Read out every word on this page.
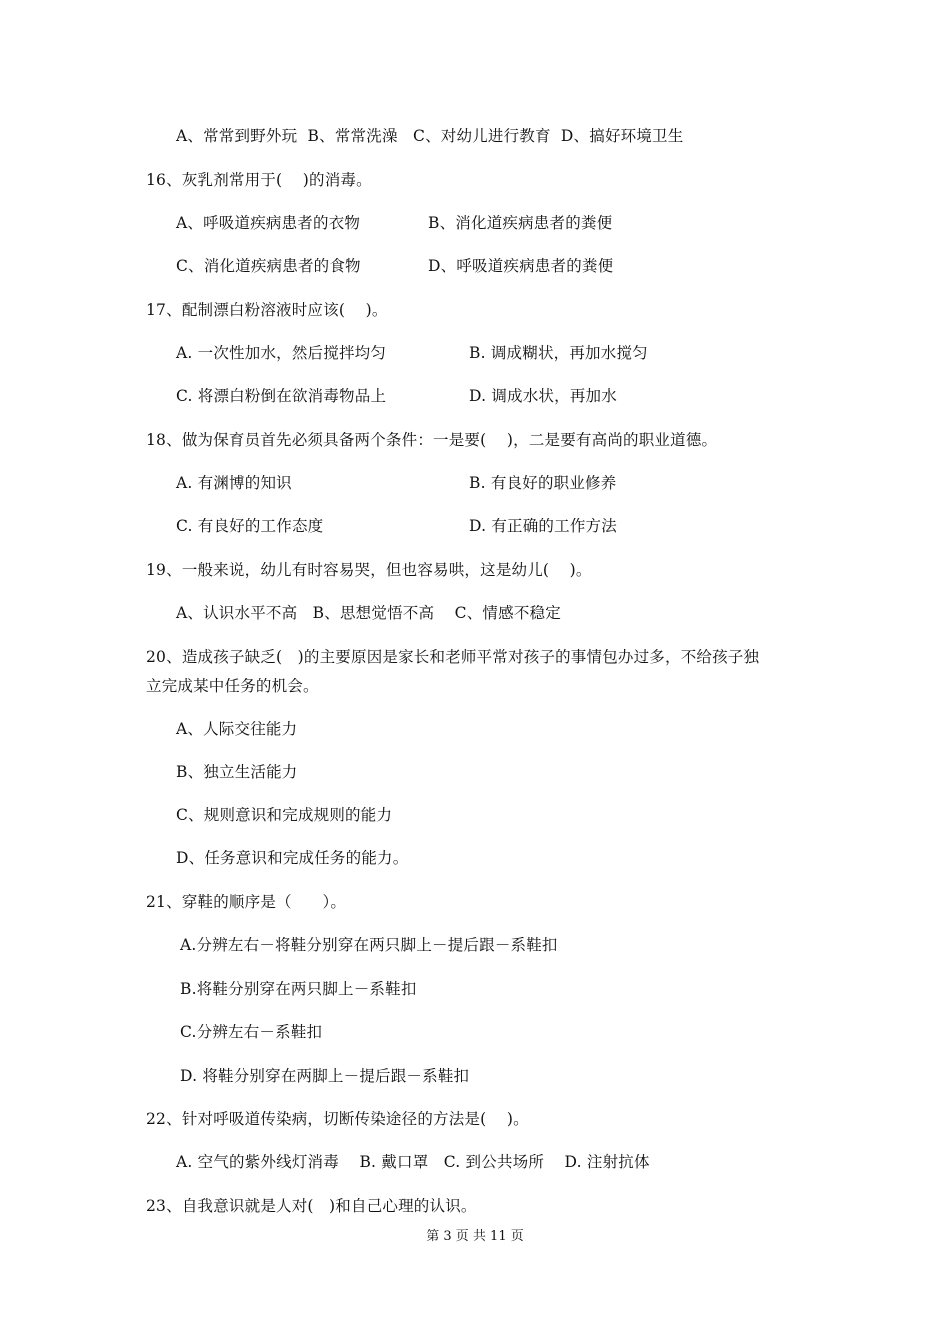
A、常常到野外玩  B、常常洗澡   C、对幼儿进行教育  D、搞好环境卫生
16、灰乳剂常用于(    )的消毒。
A、呼吸道疾病患者的衣物	B、消化道疾病患者的粪便
C、消化道疾病患者的食物	D、呼吸道疾病患者的粪便
17、配制漂白粉溶液时应该(    )。
A. 一次性加水，然后搅拌均匀	B. 调成糊状，再加水搅匀
C. 将漂白粉倒在欲消毒物品上	D. 调成水状，再加水
18、做为保育员首先必须具备两个条件：一是要(    )，二是要有高尚的职业道德。
A. 有渊博的知识	B. 有良好的职业修养
C. 有良好的工作态度	D. 有正确的工作方法
19、一般来说，幼儿有时容易哭，但也容易哄，这是幼儿(    )。
A、认识水平不高   B、思想觉悟不高    C、情感不稳定
20、造成孩子缺乏(   )的主要原因是家长和老师平常对孩子的事情包办过多，不给孩子独
立完成某中任务的机会。
A、人际交往能力
B、独立生活能力
C、规则意识和完成规则的能力
D、任务意识和完成任务的能力。
21、穿鞋的顺序是（      ）。
A.分辨左右－将鞋分别穿在两只脚上－提后跟－系鞋扣
B.将鞋分别穿在两只脚上－系鞋扣
C.分辨左右－系鞋扣
D. 将鞋分别穿在两脚上－提后跟－系鞋扣
22、针对呼吸道传染病，切断传染途径的方法是(    )。
A. 空气的紫外线灯消毒    B. 戴口罩   C. 到公共场所    D. 注射抗体
23、自我意识就是人对(   )和自己心理的认识。
第 3 页 共 11 页
